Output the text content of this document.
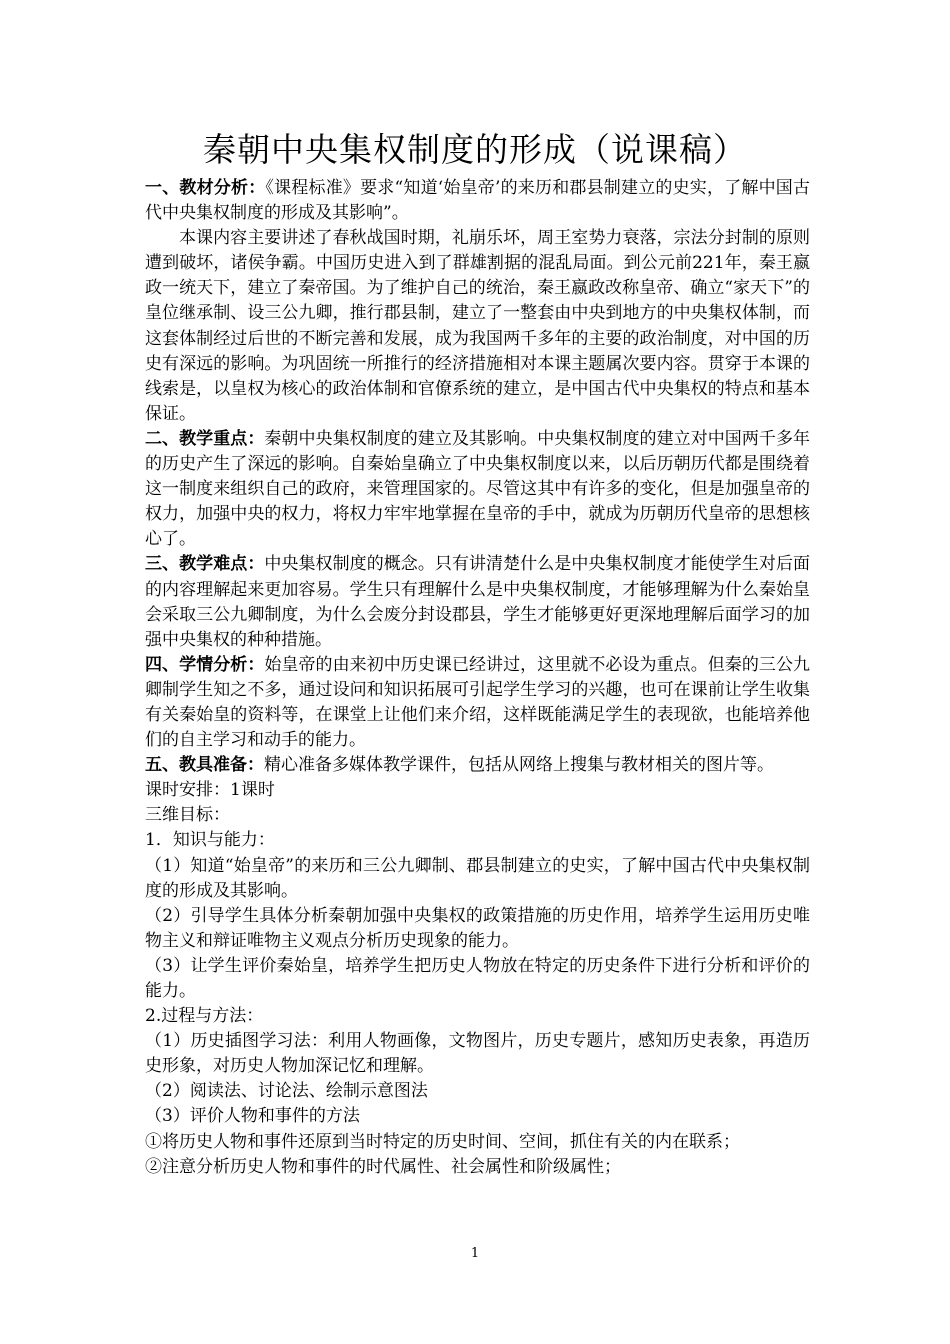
秦朝中央集权制度的形成（说课稿）

一、教材分析：《课程标准》要求“知道‘始皇帝’的来历和郡县制建立的史实，了解中国古代中央集权制度的形成及其影响”。

本课内容主要讲述了春秋战国时期，礼崩乐坏，周王室势力衰落，宗法分封制的原则遭到破坏，诸侯争霸。中国历史进入到了群雄割据的混乱局面。到公元前221年，秦王嬴政一统天下，建立了秦帝国。为了维护自己的统治，秦王嬴政改称皇帝、确立“家天下”的皇位继承制、设三公九卿，推行郡县制，建立了一整套由中央到地方的中央集权体制，而这套体制经过后世的不断完善和发展，成为我国两千多年的主要的政治制度，对中国的历史有深远的影响。为巩固统一所推行的经济措施相对本课主题属次要内容。贯穿于本课的线索是，以皇权为核心的政治体制和官僚系统的建立，是中国古代中央集权的特点和基本保证。

二、教学重点：秦朝中央集权制度的建立及其影响。中央集权制度的建立对中国两千多年的历史产生了深远的影响。自秦始皇确立了中央集权制度以来，以后历朝历代都是围绕着这一制度来组织自己的政府，来管理国家的。尽管这其中有许多的变化，但是加强皇帝的权力，加强中央的权力，将权力牢牢地掌握在皇帝的手中，就成为历朝历代皇帝的思想核心了。

三、教学难点：中央集权制度的概念。只有讲清楚什么是中央集权制度才能使学生对后面的内容理解起来更加容易。学生只有理解什么是中央集权制度，才能够理解为什么秦始皇会采取三公九卿制度，为什么会废分封设郡县，学生才能够更好更深地理解后面学习的加强中央集权的种种措施。

四、学情分析：始皇帝的由来初中历史课已经讲过，这里就不必设为重点。但秦的三公九卿制学生知之不多，通过设问和知识拓展可引起学生学习的兴趣，也可在课前让学生收集有关秦始皇的资料等，在课堂上让他们来介绍，这样既能满足学生的表现欲，也能培养他们的自主学习和动手的能力。

五、教具准备：精心准备多媒体教学课件，包括从网络上搜集与教材相关的图片等。

课时安排：1课时

三维目标：

1．知识与能力：

（1）知道“始皇帝”的来历和三公九卿制、郡县制建立的史实，了解中国古代中央集权制度的形成及其影响。

（2）引导学生具体分析秦朝加强中央集权的政策措施的历史作用，培养学生运用历史唯物主义和辩证唯物主义观点分析历史现象的能力。

（3）让学生评价秦始皇，培养学生把历史人物放在特定的历史条件下进行分析和评价的能力。

2.过程与方法：

（1）历史插图学习法：利用人物画像，文物图片，历史专题片，感知历史表象，再造历史形象，对历史人物加深记忆和理解。

（2）阅读法、讨论法、绘制示意图法

（3）评价人物和事件的方法

①将历史人物和事件还原到当时特定的历史时间、空间，抓住有关的内在联系；

②注意分析历史人物和事件的时代属性、社会属性和阶级属性；

1
